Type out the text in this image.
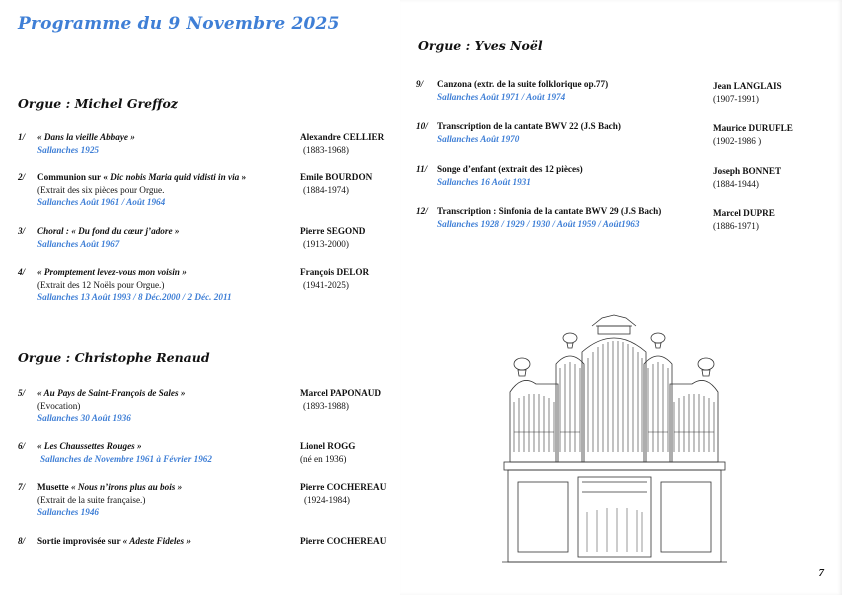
Programme du 9 Novembre 2025
Orgue : Michel Greffoz
1/ « Dans la vieille Abbaye »
Sallanches 1925
Alexandre CELLIER
(1883-1968)
2/ Communion sur « Dic nobis Maria quid vidisti in via »
(Extrait des six pièces pour Orgue.
Sallanches Août 1961 / Août 1964
Emile BOURDON
(1884-1974)
3/ Choral : « Du fond du cœur j’adore »
Sallanches Août 1967
Pierre SEGOND
(1913-2000)
4/ « Promptement levez-vous mon voisin »
(Extrait des 12 Noëls pour Orgue.)
Sallanches 13 Août 1993 / 8 Déc.2000 / 2 Déc. 2011
François DELOR
(1941-2025)
Orgue : Christophe Renaud
5/ « Au Pays de Saint-François de Sales »
(Evocation)
Sallanches 30 Août 1936
Marcel PAPONAUD
(1893-1988)
6/ « Les Chaussettes Rouges »
Sallanches de Novembre 1961 à Février 1962
Lionel ROGG
(né en 1936)
7/ Musette « Nous n’irons plus au bois »
(Extrait de la suite française.)
Sallanches 1946
Pierre COCHEREAU
(1924-1984)
8/ Sortie improvisée sur « Adeste Fideles »	Pierre COCHEREAU
Orgue : Yves Noël
9/ Canzona (extr. de la suite folklorique op.77)
Sallanches Août 1971 / Août 1974
Jean LANGLAIS
(1907-1991)
10/ Transcription de la cantate BWV 22 (J.S Bach)
Sallanches Août 1970
Maurice DURUFLE
(1902-1986 )
11/ Songe d’enfant (extrait des 12 pièces)
Sallanches 16 Août 1931
Joseph BONNET
(1884-1944)
12/ Transcription : Sinfonia de la cantate BWV 29 (J.S Bach)
Sallanches 1928 / 1929 / 1930 / Août 1959 / Août1963
Marcel DUPRE
(1886-1971)
7
